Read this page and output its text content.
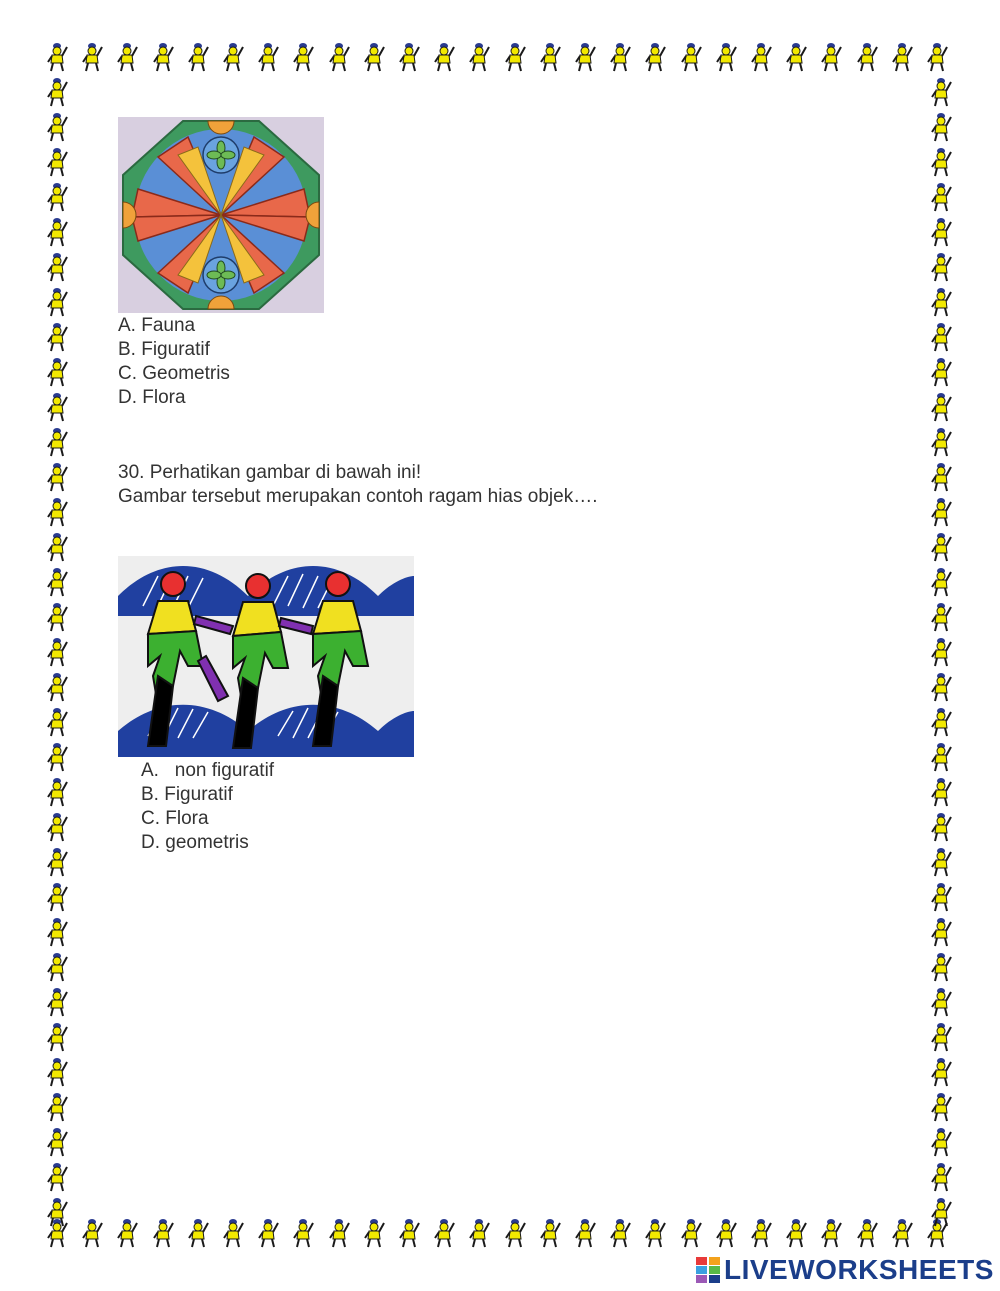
A. Fauna
B. Figuratif
C. Geometris
D. Flora
30. Perhatikan gambar di bawah ini!
Gambar tersebut merupakan contoh ragam hias objek….
A. non figuratif
B. Figuratif
C. Flora
D. geometris
LIVEWORKSHEETS
